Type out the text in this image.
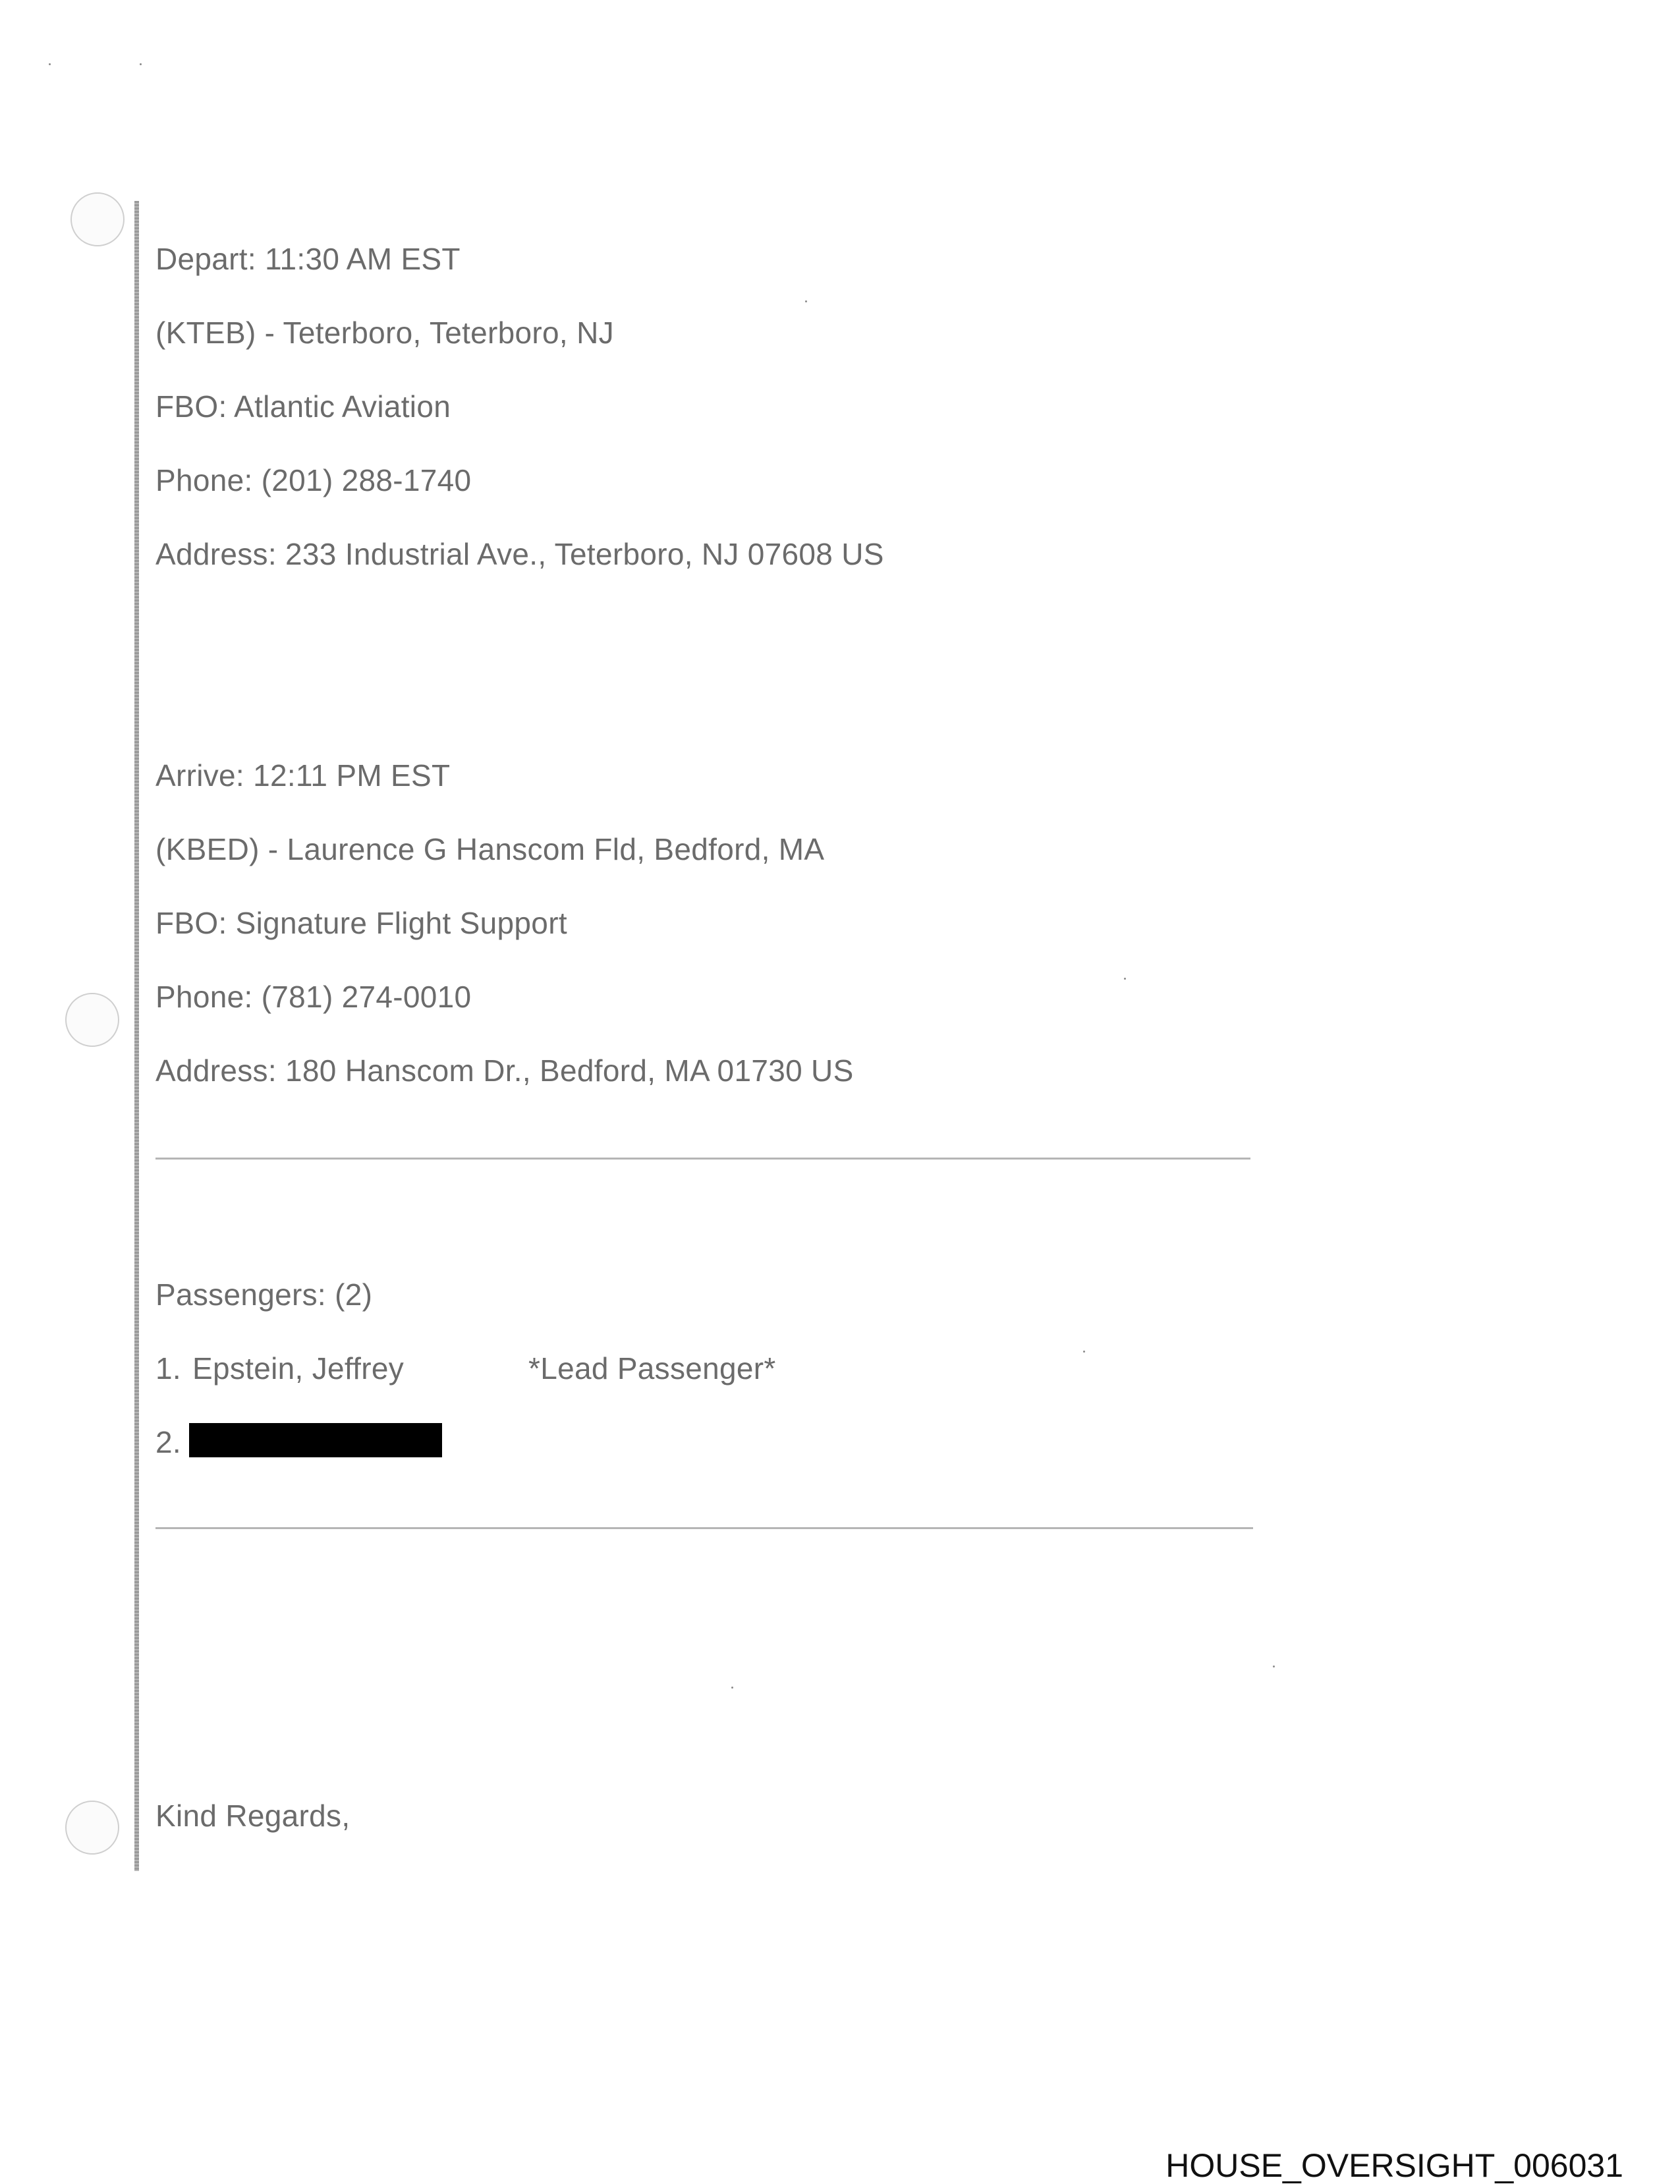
Depart: 11:30 AM EST
(KTEB) - Teterboro, Teterboro, NJ
FBO: Atlantic Aviation
Phone: (201) 288-1740
Address: 233 Industrial Ave., Teterboro, NJ 07608 US
Arrive: 12:11 PM EST
(KBED) - Laurence G Hanscom Fld, Bedford, MA
FBO: Signature Flight Support
Phone: (781) 274-0010
Address: 180 Hanscom Dr., Bedford, MA 01730 US
Passengers: (2)
1. Epstein, Jeffrey	*Lead Passenger*
2.
Kind Regards,
HOUSE_OVERSIGHT_006031
